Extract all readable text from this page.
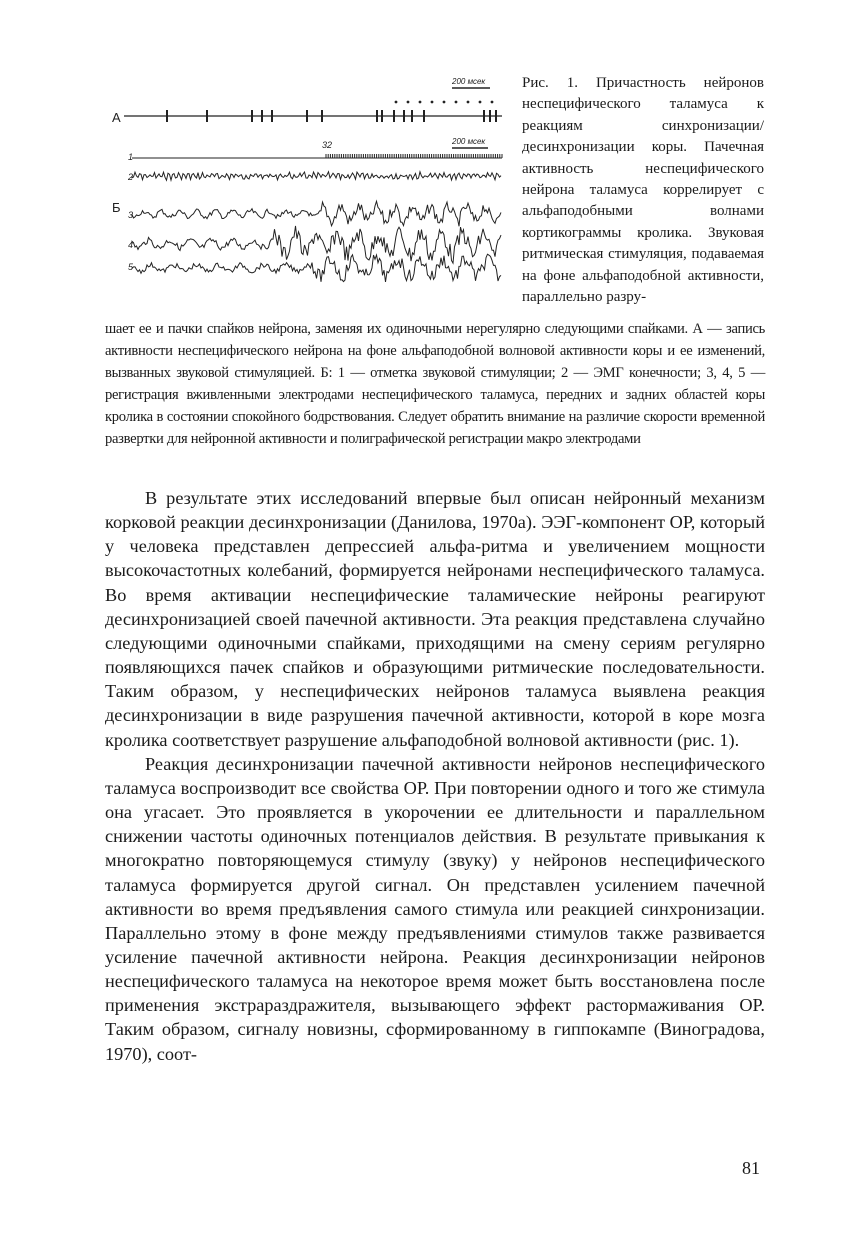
А
200 мсек
200 мсек
32
Б
1
2
3
4
5
Рис. 1. Причастность нейронов неспецифического таламуса к реакциям синхронизации/десинхронизации коры. Пачечная активность неспецифического нейрона таламуса коррелирует с альфаподобными волнами кортикограммы кролика. Звуковая ритмическая стимуляция, подаваемая на фоне альфаподобной активности, параллельно разру-
шает ее и пачки спайков нейрона, заменяя их одиночными нерегулярно следующими спайками. А — запись активности неспецифического нейрона на фоне альфаподобной волновой активности коры и ее изменений, вызванных звуковой стимуляцией. Б: 1 — отметка звуковой стимуляции; 2 — ЭМГ конечности; 3, 4, 5 — регистрация вживленными электродами неспецифического таламуса, передних и задних областей коры кролика в состоянии спокойного бодрствования. Следует обратить внимание на различие скорости временной развертки для нейронной активности и полиграфической регистрации макро электродами

В результате этих исследований впервые был описан нейронный механизм корковой реакции десинхронизации (Данилова, 1970а). ЭЭГ-компонент ОР, который у человека представлен депрессией альфа-ритма и увеличением мощности высокочастотных колебаний, формируется нейронами неспецифического таламуса. Во время активации неспецифические таламические нейроны реагируют десинхронизацией своей пачечной активности. Эта реакция представлена случайно следующими одиночными спайками, приходящими на смену сериям регулярно появляющихся пачек спайков и образующими ритмические последовательности. Таким образом, у неспецифических нейронов таламуса выявлена реакция десинхронизации в виде разрушения пачечной активности, которой в коре мозга кролика соответствует разрушение альфаподобной волновой активности (рис. 1).

Реакция десинхронизации пачечной активности нейронов неспецифического таламуса воспроизводит все свойства ОР. При повторении одного и того же стимула она угасает. Это проявляется в укорочении ее длительности и параллельном снижении частоты одиночных потенциалов действия. В результате привыкания к многократно повторяющемуся стимулу (звуку) у нейронов неспецифического таламуса формируется другой сигнал. Он представлен усилением пачечной активности во время предъявления самого стимула или реакцией синхронизации. Параллельно этому в фоне между предъявлениями стимулов также развивается усиление пачечной активности нейрона. Реакция десинхронизации нейронов неспецифического таламуса на некоторое время может быть восстановлена после применения экстрараздражителя, вызывающего эффект растормаживания ОР. Таким образом, сигналу новизны, сформированному в гиппокампе (Виноградова, 1970), соот-

81
